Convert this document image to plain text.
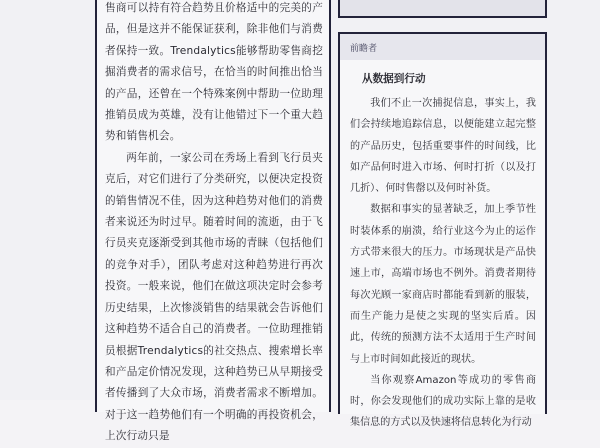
售商可以持有符合趋势且价格适中的完美的产品，但是这并不能保证获利，除非他们与消费者保持一致。Trendalytics能够帮助零售商挖掘消费者的需求信号，在恰当的时间推出恰当的产品，还曾在一个特殊案例中帮助一位助理推销员成为英雄，没有让他错过下一个重大趋势和销售机会。

两年前，一家公司在秀场上看到飞行员夹克后，对它们进行了分类研究，以便决定投资的销售情况不佳，因为这种趋势对他们的消费者来说还为时过早。随着时间的流逝，由于飞行员夹克逐渐受到其他市场的青睐（包括他们的竞争对手），团队考虑对这种趋势进行再次投资。一般来说，他们在做这项决定时会参考历史结果，上次惨淡销售的结果就会告诉他们这种趋势不适合自己的消费者。一位助理推销员根据Trendalytics的社交热点、搜索增长率和产品定价情况发现，这种趋势已从早期接受者传播到了大众市场，消费者需求不断增加。对于这一趋势他们有一个明确的再投资机会，上次行动只是

前瞻者
从数据到行动

我们不止一次捕捉信息，事实上，我们会持续地追踪信息，以便能建立起完整的产品历史，包括重要事件的时间线，比如产品何时进入市场、何时打折（以及打几折）、何时售罄以及何时补货。

数据和事实的显著缺乏，加上季节性时装体系的崩溃，给行业这今为止的运作方式带来很大的压力。市场现状是产品快速上市，高端市场也不例外。消费者期待每次光顾一家商店时都能看到新的服装，而生产能力是使之实现的坚实后盾。因此，传统的预测方法不太适用于生产时间与上市时间如此接近的现状。

当你观察Amazon等成功的零售商时，你会发现他们的成功实际上靠的是收集信息的方式以及快速将信息转化为行动
